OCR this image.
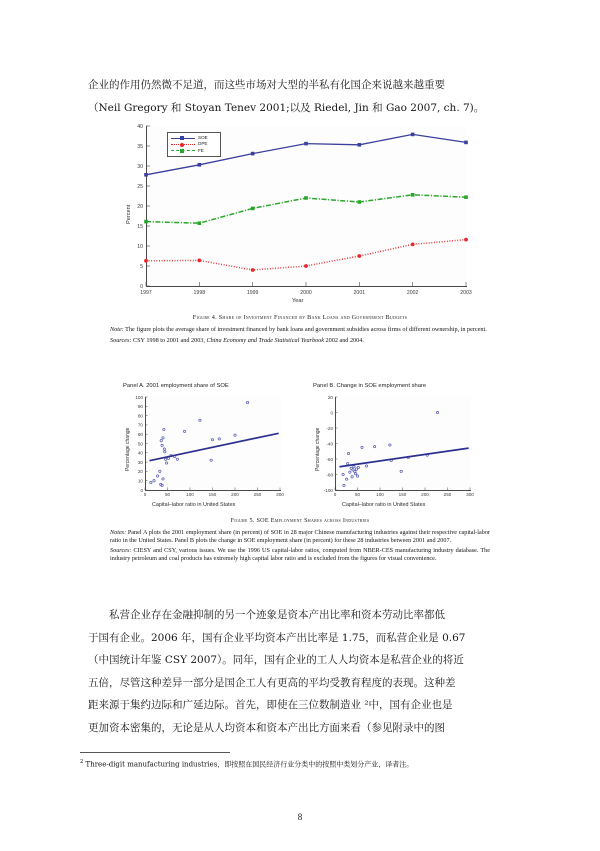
企业的作用仍然微不足道，而这些市场对大型的半私有化国企来说越来越重要
（Neil Gregory 和 Stoyan Tenev 2001;以及 Riedel, Jin 和 Gao 2007, ch. 7)。
0
5
10
15
20
25
30
35
40
1997	1998	1999	2000	2001	2002	2003
Percent
Year
SOE
DPE
FE
Figure 4. Share of Investment Financed by Bank Loans and Government Budgets
Note: The figure plots the average share of investment financed by bank loans and government subsidies across firms of different ownership, in percent.
Sources: CSY 1998 to 2001 and 2003, China Economy and Trade Statistical Yearbook 2002 and 2004.
Panel A. 2001 employment share of SOE	Panel B. Change in SOE employment share
0
10
20
30
40
50
60
70
80
90
100
0	50	100	150	200	250	300
-100
-80
-60
-40
-20
0
20
0	50	100	150	200	250	300
Percentage change
Capital–labor ratio in United States
Percentage change
Capital–labor ratio in United States
Figure 5. SOE Employment Shares across Industries
Notes: Panel A plots the 2001 employment share (in percent) of SOE in 28 major Chinese manufacturing industries against their respective capital-labor ratio in the United States. Panel B plots the change in SOE employment share (in percent) for these 28 industries between 2001 and 2007.
Sources: CIESY and CSY, various issues. We use the 1996 US capital-labor ratios, computed from NBER-CES manufacturing industry database. The industry petroleum and coal products has extremely high capital labor ratio and is excluded from the figures for visual convenience.
　　私营企业存在金融抑制的另一个迹象是资本产出比率和资本劳动比率都低
于国有企业。2006 年，国有企业平均资本产出比率是 1.75，而私营企业是 0.67
（中国统计年鉴 CSY 2007）。同年，国有企业的工人人均资本是私营企业的将近
五倍，尽管这种差异一部分是国企工人有更高的平均受教育程度的表现。这种差
距来源于集约边际和广延边际。首先，即使在三位数制造业 ²中，国有企业也是
更加资本密集的，无论是从人均资本和资本产出比方面来看（参见附录中的图
$^2$ Three-digit manufacturing industries，即按照在国民经济行业分类中的按照中类划分产业，译者注。
8
